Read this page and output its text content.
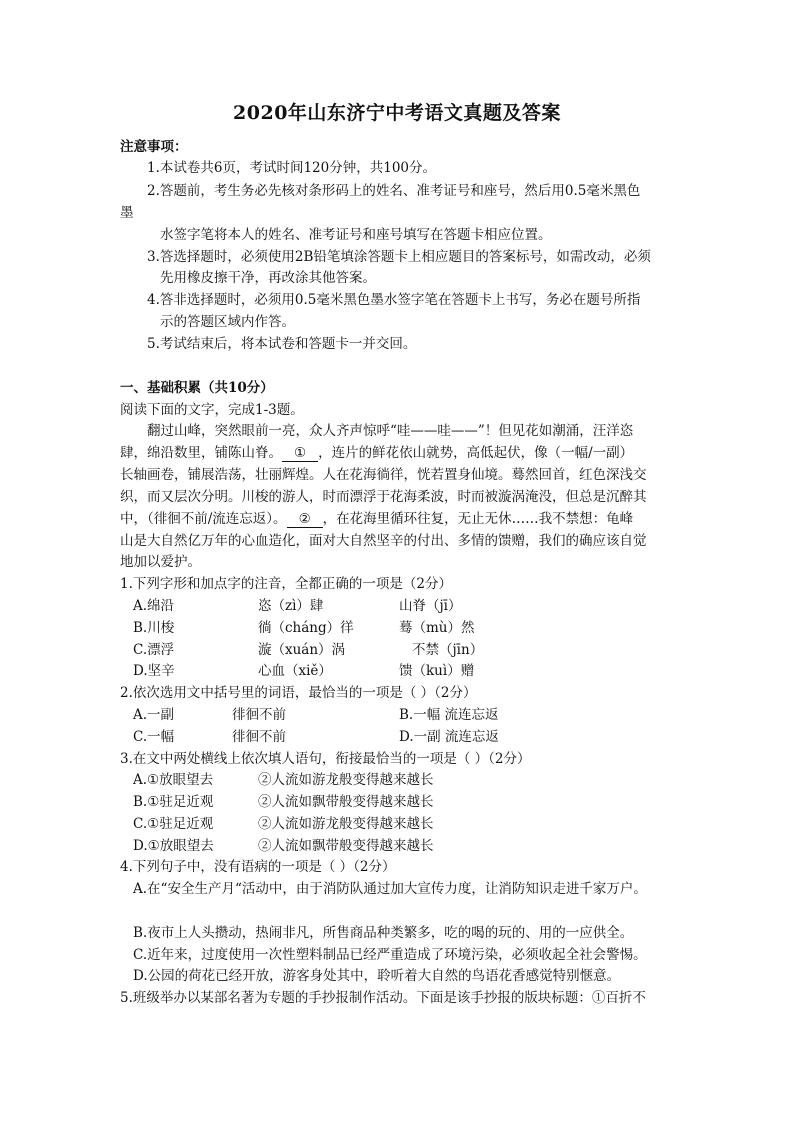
2020年山东济宁中考语文真题及答案
注意事项：
1.本试卷共6页，考试时间120分钟，共100分。
2.答题前，考生务必先核对条形码上的姓名、准考证号和座号，然后用0.5毫米黑色
墨
水签字笔将本人的姓名、准考证号和座号填写在答题卡相应位置。
3.答选择题时，必须使用2B铅笔填涂答题卡上相应题目的答案标号，如需改动，必须
先用橡皮擦干净，再改涂其他答案。
4.答非选择题时，必须用0.5毫米黑色墨水签字笔在答题卡上书写，务必在题号所指
示的答题区域内作答。
5.考试结束后，将本试卷和答题卡一并交回。
一、基础积累（共10分）
阅读下面的文字，完成1-3题。
翻过山峰，突然眼前一亮，众人齐声惊呼“哇——哇——”！但见花如潮涌，汪洋恣
肆，绵沿数里，铺陈山脊。 ① ，连片的鲜花依山就势，高低起伏，像（一幅/一副）
长轴画卷，铺展浩荡，壮丽辉煌。人在花海徜徉，恍若置身仙境。蓦然回首，红色深浅交
织，而又层次分明。川梭的游人，时而漂浮于花海柔波，时而被漩涡淹没，但总是沉醉其
中，（徘徊不前/流连忘返）。 ② ，在花海里循环往复，无止无休……我不禁想：龟峰
山是大自然亿万年的心血造化，面对大自然坚辛的付出、多情的馈赠，我们的确应该自觉
地加以爱护。
1.下列字形和加点字的注音，全都正确的一项是（2分）
A.绵沿	恣（zì）肆	山脊（jī）
B.川梭	徜（cháng）徉	蓦（mù）然
C.漂浮	漩（xuán）涡	不禁（jīn）
D.坚辛	心血（xiě）	馈（kuì）赠
2.依次选用文中括号里的词语，最恰当的一项是（ ）（2分）
A.一副	徘徊不前	B.一幅 流连忘返
C.一幅	徘徊不前	D.一副 流连忘返
3.在文中两处横线上依次填人语句，衔接最恰当的一项是（ ）（2分）
A.①放眼望去	②人流如游龙般变得越来越长
B.①驻足近观	②人流如飘带般变得越来越长
C.①驻足近观	②人流如游龙般变得越来越长
D.①放眼望去	②人流如飘带般变得越来越长
4.下列句子中，没有语病的一项是（ ）（2分）
A.在“安全生产月“活动中，由于消防队通过加大宣传力度，让消防知识走进千家万户。
B.夜市上人头攒动，热闹非凡，所售商品种类繁多，吃的喝的玩的、用的一应供全。
C.近年来，过度使用一次性塑料制品已经严重造成了环境污染，必须收起全社会警惕。
D.公园的荷花已经开放，游客身处其中，聆听着大自然的鸟语花香感觉特别惬意。
5.班级举办以某部名著为专题的手抄报制作活动。下面是该手抄报的版块标题：①百折不
